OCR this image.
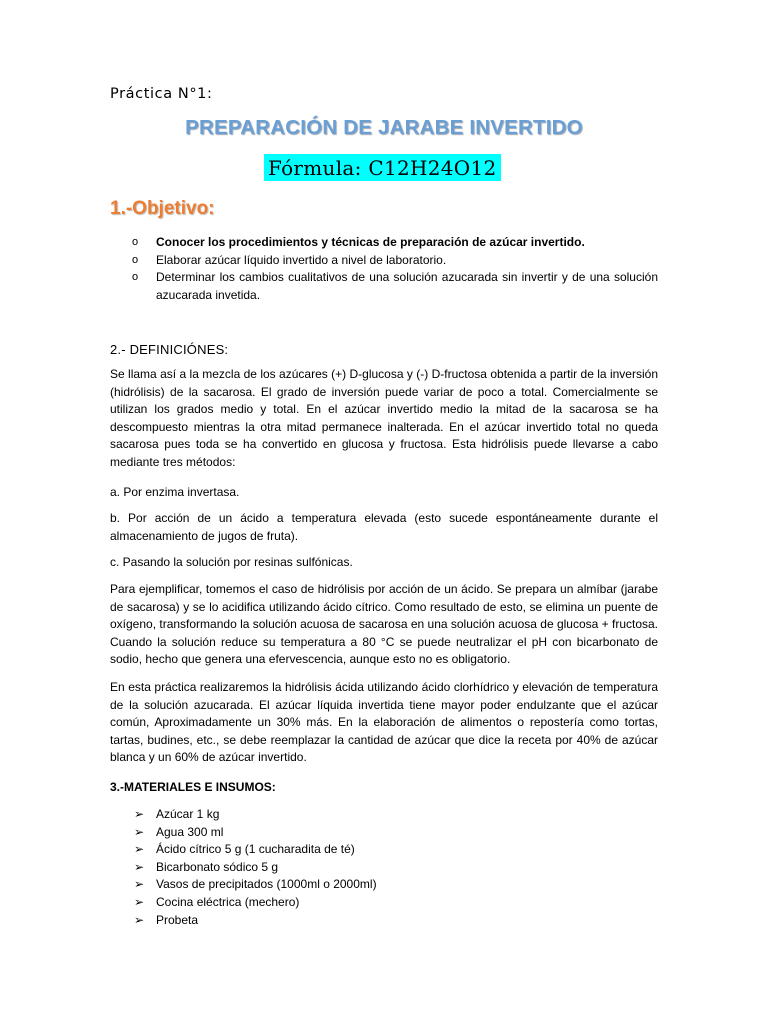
Práctica N°1:
PREPARACIÓN DE JARABE INVERTIDO
Fórmula: C12H24O12
1.-Objetivo:
o Conocer los procedimientos y técnicas de preparación de azúcar invertido.
o Elaborar azúcar líquido invertido a nivel de laboratorio.
o Determinar los cambios cualitativos de una solución azucarada sin invertir y de una solución azucarada invetida.
2.- DEFINICIÓNES:

Se llama así a la mezcla de los azúcares (+) D-glucosa y (-) D-fructosa obtenida a partir de la inversión (hidrólisis) de la sacarosa. El grado de inversión puede variar de poco a total. Comercialmente se utilizan los grados medio y total. En el azúcar invertido medio la mitad de la sacarosa se ha descompuesto mientras la otra mitad permanece inalterada. En el azúcar invertido total no queda sacarosa pues toda se ha convertido en glucosa y fructosa. Esta hidrólisis puede llevarse a cabo mediante tres métodos:

a. Por enzima invertasa.

b. Por acción de un ácido a temperatura elevada (esto sucede espontáneamente durante el almacenamiento de jugos de fruta).

c. Pasando la solución por resinas sulfónicas.

Para ejemplificar, tomemos el caso de hidrólisis por acción de un ácido. Se prepara un almíbar (jarabe de sacarosa) y se lo acidifica utilizando ácido cítrico. Como resultado de esto, se elimina un puente de oxígeno, transformando la solución acuosa de sacarosa en una solución acuosa de glucosa + fructosa. Cuando la solución reduce su temperatura a 80 °C se puede neutralizar el pH con bicarbonato de sodio, hecho que genera una efervescencia, aunque esto no es obligatorio.

En esta práctica realizaremos la hidrólisis ácida utilizando ácido clorhídrico y elevación de temperatura de la solución azucarada. El azúcar líquida invertida tiene mayor poder endulzante que el azúcar común, Aproximadamente un 30% más. En la elaboración de alimentos o repostería como tortas, tartas, budines, etc., se debe reemplazar la cantidad de azúcar que dice la receta por 40% de azúcar blanca y un 60% de azúcar invertido.

3.-MATERIALES E INSUMOS:
➢ Azúcar 1 kg
➢ Agua 300 ml
➢ Ácido cítrico 5 g (1 cucharadita de té)
➢ Bicarbonato sódico 5 g
➢ Vasos de precipitados (1000ml o 2000ml)
➢ Cocina eléctrica (mechero)
➢ Probeta
